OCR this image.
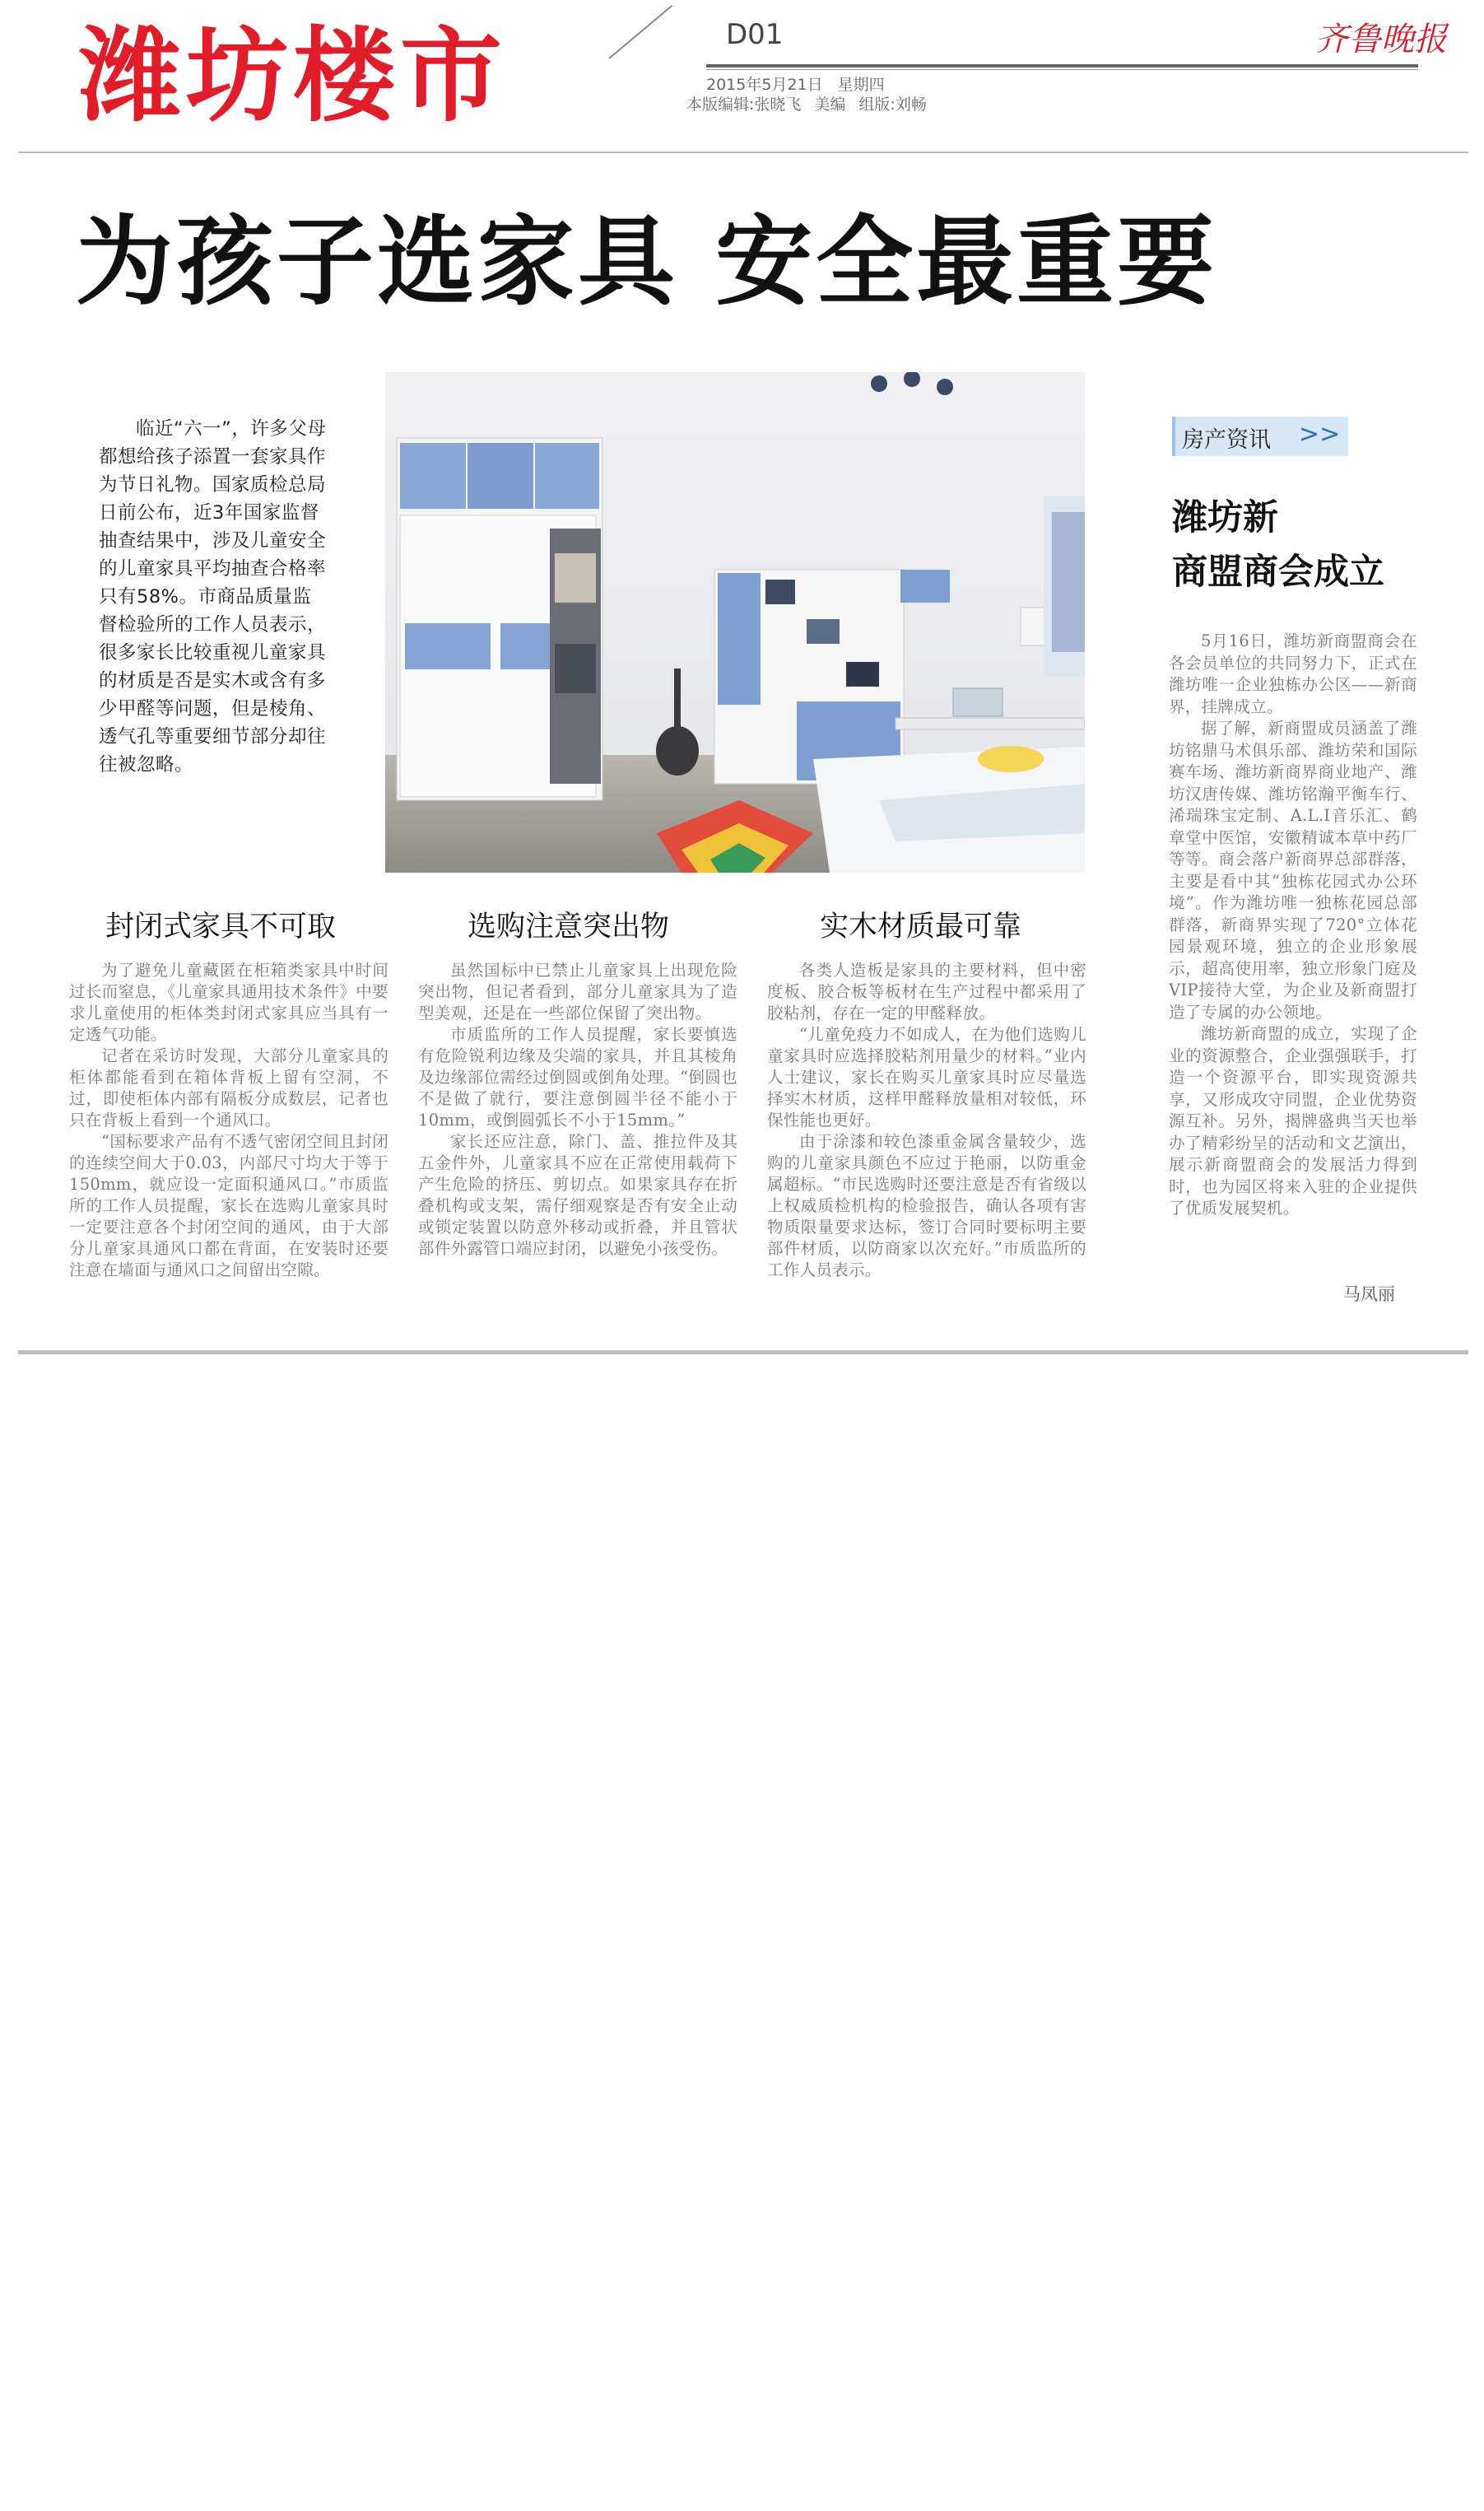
潍坊楼市	D01
2015年5月21日 星期四
本版编辑:张晓飞 美编 组版:刘畅
齐鲁晚报
为孩子选家具 安全最重要
临近“六一”，许多父母都想给孩子添置一套家具作为节日礼物。国家质检总局日前公布，近3年国家监督抽查结果中，涉及儿童安全的儿童家具平均抽查合格率只有58%。市商品质量监督检验所的工作人员表示，很多家长比较重视儿童家具的材质是否是实木或含有多少甲醛等问题，但是棱角、透气孔等重要细节部分却往往被忽略。
封闭式家具不可取	选购注意突出物	实木材质最可靠

为了避免儿童藏匿在柜箱类家具中时间过长而窒息，《儿童家具通用技术条件》中要求儿童使用的柜体类封闭式家具应当具有一定透气功能。

记者在采访时发现，大部分儿童家具的柜体都能看到在箱体背板上留有空洞，不过，即使柜体内部有隔板分成数层，记者也只在背板上看到一个通风口。

“国标要求产品有不透气密闭空间且封闭的连续空间大于0.03，内部尺寸均大于等于150mm，就应设一定面积通风口。”市质监所的工作人员提醒，家长在选购儿童家具时一定要注意各个封闭空间的通风，由于大部分儿童家具通风口都在背面，在安装时还要注意在墙面与通风口之间留出空隙。

虽然国标中已禁止儿童家具上出现危险突出物，但记者看到，部分儿童家具为了造型美观，还是在一些部位保留了突出物。

市质监所的工作人员提醒，家长要慎选有危险锐利边缘及尖端的家具，并且其棱角及边缘部位需经过倒圆或倒角处理。“倒圆也不是做了就行，要注意倒圆半径不能小于10mm，或倒圆弧长不小于15mm。”

家长还应注意，除门、盖、推拉件及其五金件外，儿童家具不应在正常使用载荷下产生危险的挤压、剪切点。如果家具存在折叠机构或支架，需仔细观察是否有安全止动或锁定装置以防意外移动或折叠，并且管状部件外露管口端应封闭，以避免小孩受伤。

各类人造板是家具的主要材料，但中密度板、胶合板等板材在生产过程中都采用了胶粘剂，存在一定的甲醛释放。

“儿童免疫力不如成人，在为他们选购儿童家具时应选择胶粘剂用量少的材料。”业内人士建议，家长在购买儿童家具时应尽量选择实木材质，这样甲醛释放量相对较低，环保性能也更好。

由于涂漆和较色漆重金属含量较少，选购的儿童家具颜色不应过于艳丽，以防重金属超标。“市民选购时还要注意是否有省级以上权威质检机构的检验报告，确认各项有害物质限量要求达标，签订合同时要标明主要部件材质，以防商家以次充好。”市质监所的工作人员表示。

房产资讯 >>
潍坊新
商盟商会成立

5月16日，潍坊新商盟商会在各会员单位的共同努力下，正式在潍坊唯一企业独栋办公区——新商界，挂牌成立。

据了解，新商盟成员涵盖了潍坊铭鼎马术俱乐部、潍坊荣和国际赛车场、潍坊新商界商业地产、潍坊汉唐传媒、潍坊铭瀚平衡车行、浠瑞珠宝定制、A.L.I音乐汇、鹤章堂中医馆，安徽精诚本草中药厂等等。商会落户新商界总部群落，主要是看中其“独栋花园式办公环境”。作为潍坊唯一独栋花园总部群落，新商界实现了720°立体花园景观环境，独立的企业形象展示，超高使用率，独立形象门庭及VIP接待大堂，为企业及新商盟打造了专属的办公领地。

潍坊新商盟的成立，实现了企业的资源整合，企业强强联手，打造一个资源平台，即实现资源共享，又形成攻守同盟，企业优势资源互补。另外，揭牌盛典当天也举办了精彩纷呈的活动和文艺演出，展示新商盟商会的发展活力得到时，也为园区将来入驻的企业提供了优质发展契机。

马凤丽
